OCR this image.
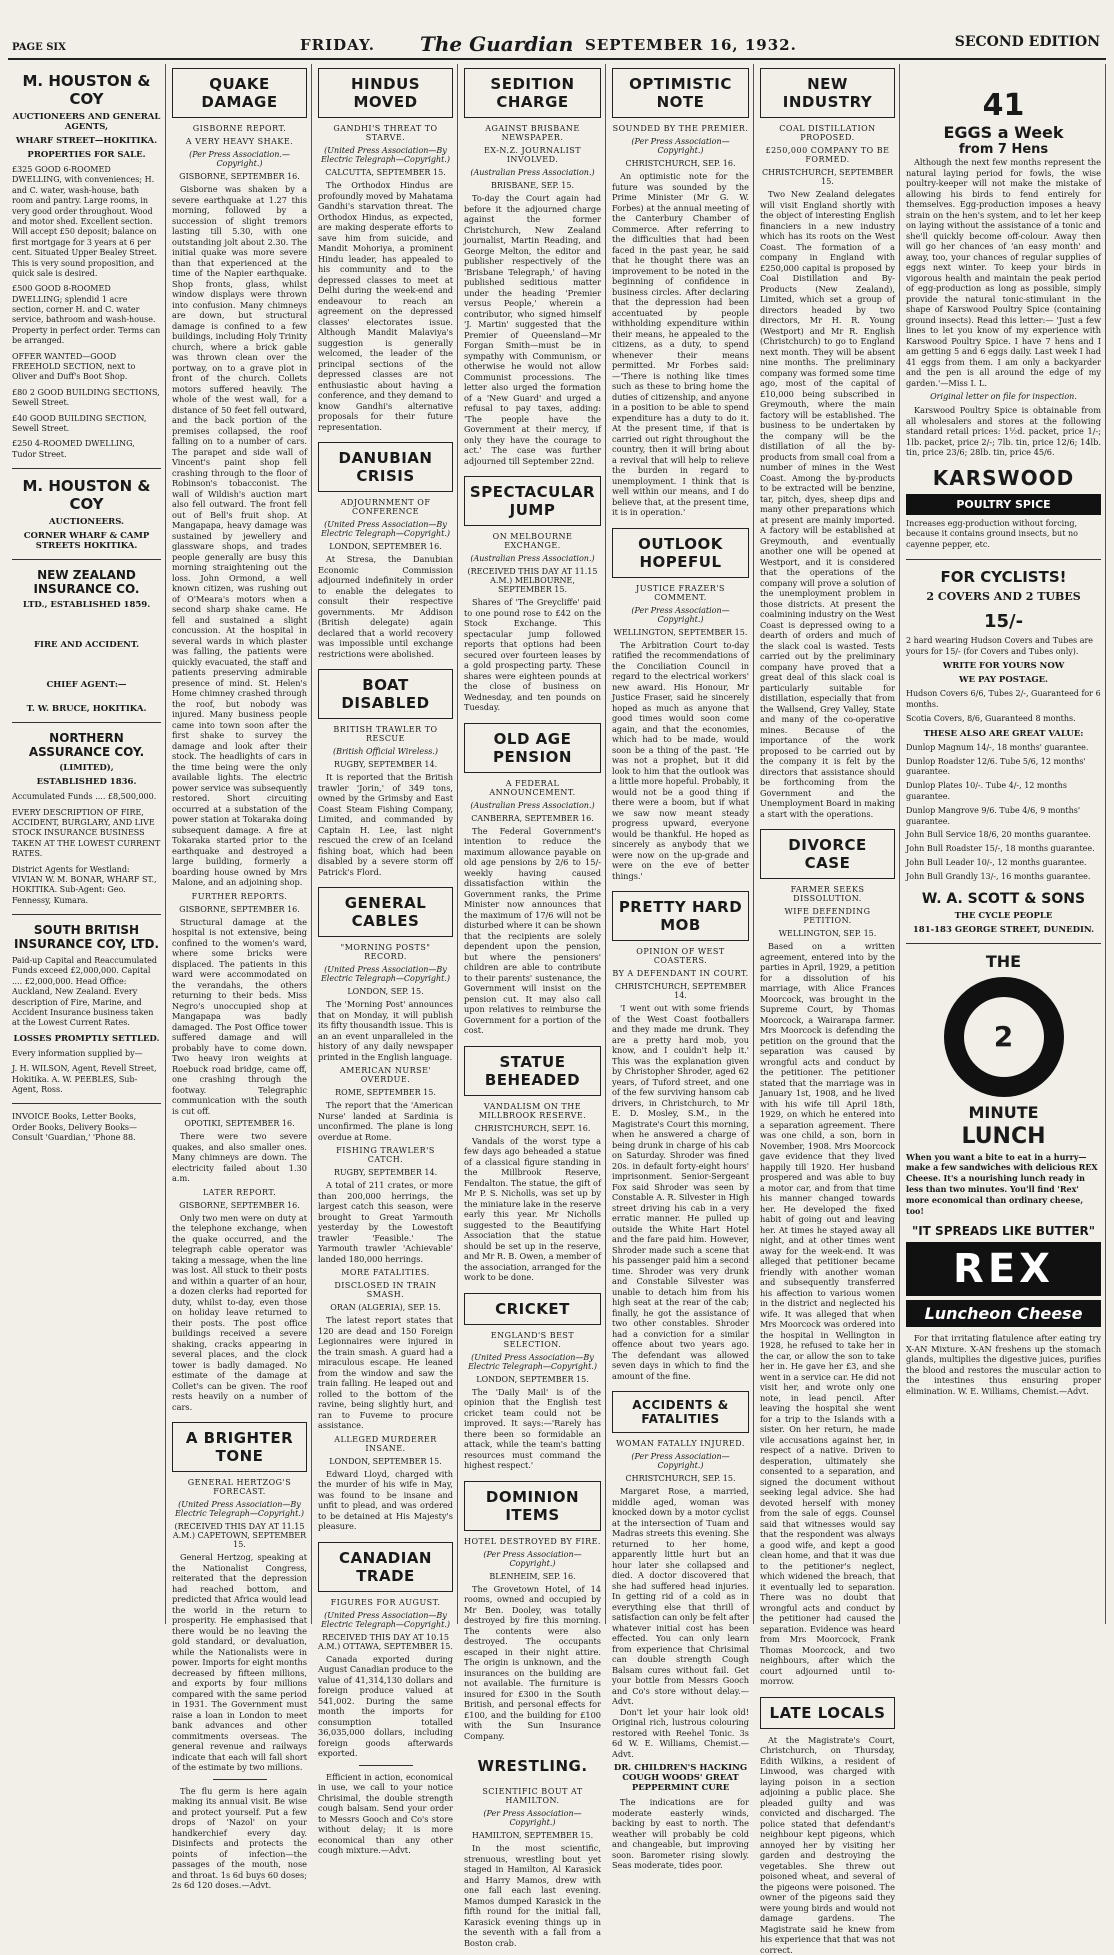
PAGE SIX	FRIDAY. The Guardian SEPTEMBER 16, 1932.	SECOND EDITION
M. HOUSTON & COY
AUCTIONEERS AND GENERAL AGENTS,
WHARF STREET—HOKITIKA.
PROPERTIES FOR SALE.
£325 GOOD 6-ROOMED DWELLING, with conveniences; H. and C. water, wash-house, bath room and pantry. Large rooms, in very good order throughout. Wood and motor shed. Excellent section. Will accept £50 deposit; balance on first mortgage for 3 years at 6 per cent. Situated Upper Bealey Street. This is very sound proposition, and quick sale is desired.
£500 GOOD 8-ROOMED DWELLING; splendid 1 acre section, corner H. and C. water service, bathroom and wash-house. Property in perfect order. Terms can be arranged.
OFFER WANTED—GOOD FREEHOLD SECTION, next to Oliver and Duff's Boot Shop.
£80 2 GOOD BUILDING SECTIONS, Sewell Street.
£40 GOOD BUILDING SECTION, Sewell Street.
£250 4-ROOMED DWELLING, Tudor Street.
M. HOUSTON & COY
AUCTIONEERS.
CORNER WHARF & CAMP STREETS HOKITIKA.
NEW ZEALAND INSURANCE CO.
LTD., ESTABLISHED 1859.
FIRE AND ACCIDENT.
CHIEF AGENT:—
T. W. BRUCE, HOKITIKA.
NORTHERN ASSURANCE COY.
(LIMITED),
ESTABLISHED 1836.
Accumulated Funds .... £8,500,000.
EVERY DESCRIPTION OF FIRE, ACCIDENT, BURGLARY, AND LIVE STOCK INSURANCE BUSINESS TAKEN AT THE LOWEST CURRENT RATES.
District Agents for Westland: VIVIAN W. M. BONAR, WHARF ST., HOKITIKA. Sub-Agent: Geo. Fennessy, Kumara.
SOUTH BRITISH INSURANCE COY, LTD.
Paid-up Capital and Reaccumulated Funds exceed £2,000,000. Capital .... £2,000,000. Head Office: Auckland, New Zealand. Every description of Fire, Marine, and Accident Insurance business taken at the Lowest Current Rates.
LOSSES PROMPTLY SETTLED.
Every information supplied by—
J. H. WILSON, Agent, Revell Street, Hokitika. A. W. PEEBLES, Sub-Agent, Ross.
INVOICE Books, Letter Books, Order Books, Delivery Books—Consult 'Guardian,' 'Phone 88.
QUAKE DAMAGE
GISBORNE REPORT.
A VERY HEAVY SHAKE.
(Per Press Association.—Copyright.)
GISBORNE, SEPTEMBER 16.

Gisborne was shaken by a severe earthquake at 1.27 this morning, followed by a succession of slight tremors lasting till 5.30, with one outstanding jolt about 2.30. The initial quake was more severe than that experienced at the time of the Napier earthquake. Shop fronts, glass, whilst window displays were thrown into confusion. Many chimneys are down, but structural damage is confined to a few buildings, including Holy Trinity church, where a brick gable was thrown clean over the portway, on to a grave plot in front of the church. Collets motors suffered heavily. The whole of the west wall, for a distance of 50 feet fell outward, and the back portion of the premises collapsed, the roof falling on to a number of cars. The parapet and side wall of Vincent's paint shop fell crashing through to the floor of Robinson's tobacconist. The wall of Wildish's auction mart also fell outward. The front fell out of Bell's fruit shop. At Mangapapa, heavy damage was sustained by jewellery and glassware shops, and trades people generally are busy this morning straightening out the loss. John Ormond, a well known citizen, was rushing out of O'Meara's motors when a second sharp shake came. He fell and sustained a slight concussion. At the hospital in several wards in which plaster was falling, the patients were quickly evacuated, the staff and patients preserving admirable presence of mind. St. Helen's Home chimney crashed through the roof, but nobody was injured. Many business people came into town soon after the first shake to survey the damage and look after their stock. The headlights of cars in the time being were the only available lights. The electric power service was subsequently restored. Short circuiting occurred at a substation of the power station at Tokaraka doing subsequent damage. A fire at Tokaraka started prior to the earthquake and destroyed a large building, formerly a boarding house owned by Mrs Malone, and an adjoining shop.

FURTHER REPORTS.
GISBORNE, SEPTEMBER 16.

Structural damage at the hospital is not extensive, being confined to the women's ward, where some bricks were displaced. The patients in this ward were accommodated on the verandahs, the others returning to their beds. Miss Negro's unoccupied shop at Mangapapa was badly damaged. The Post Office tower suffered damage and will probably have to come down. Two heavy iron weights at Roebuck road bridge, came off, one crashing through the footway. Telegraphic communication with the south is cut off.

OPOTIKI, SEPTEMBER 16.

There were two severe quakes, and also smaller ones. Many chimneys are down. The electricity failed about 1.30 a.m.

LATER REPORT.
GISBORNE, SEPTEMBER 16.

Only two men were on duty at the telephone exchange, when the quake occurred, and the telegraph cable operator was taking a message, when the line was lost. All stuck to their posts and within a quarter of an hour, a dozen clerks had reported for duty, whilst to-day, even those on holiday leave returned to their posts. The post office buildings received a severe shaking, cracks appearing in several places, and the clock tower is badly damaged. No estimate of the damage at Collet's can be given. The roof rests heavily on a number of cars.

A BRIGHTER TONE
GENERAL HERTZOG'S FORECAST.
(United Press Association—By Electric Telegraph—Copyright.)
(RECEIVED THIS DAY AT 11.15 A.M.) CAPETOWN, SEPTEMBER 15.

General Hertzog, speaking at the Nationalist Congress, reiterated that the depression had reached bottom, and predicted that Africa would lead the world in the return to prosperity. He emphasised that there would be no leaving the gold standard, or devaluation, while the Nationalists were in power. Imports for eight months decreased by fifteen millions, and exports by four millions compared with the same period in 1931. The Government must raise a loan in London to meet bank advances and other commitments overseas. The general revenue and railways indicate that each will fall short of the estimate by two millions.

The flu germ is here again making its annual visit. Be wise and protect yourself. Put a few drops of 'Nazol' on your handkerchief every day. Disinfects and protects the points of infection—the passages of the mouth, nose and throat. 1s 6d buys 60 doses; 2s 6d 120 doses.—Advt.

HINDUS MOVED
GANDHI'S THREAT TO STARVE.
(United Press Association—By Electric Telegraph—Copyright.)
CALCUTTA, SEPTEMBER 15.

The Orthodox Hindus are profoundly moved by Mahatama Gandhi's starvation threat. The Orthodox Hindus, as expected, are making desperate efforts to save him from suicide, and Mandit Mohoriya, a prominent Hindu leader, has appealed to his community and to the depressed classes to meet at Delhi during the week-end and endeavour to reach an agreement on the depressed classes' electorates issue. Although Mandit Malaviya's suggestion is generally welcomed, the leader of the principal sections of the depressed classes are not enthusiastic about having a conference, and they demand to know Gandhi's alternative proposals for their future representation.

DANUBIAN CRISIS
ADJOURNMENT OF CONFERENCE
(United Press Association—By Electric Telegraph—Copyright.)
LONDON, SEPTEMBER 16.

At Stresa, the Danubian Economic Commission adjourned indefinitely in order to enable the delegates to consult their respective governments. Mr Addison (British delegate) again declared that a world recovery was impossible until exchange restrictions were abolished.

BOAT DISABLED
BRITISH TRAWLER TO RESCUE
(British Official Wireless.)
RUGBY, SEPTEMBER 14.

It is reported that the British trawler 'Jorin,' of 349 tons, owned by the Grimsby and East Coast Steam Fishing Company, Limited, and commanded by Captain H. Lee, last night rescued the crew of an Iceland fishing boat, which had been disabled by a severe storm off Patrick's Flord.

GENERAL CABLES
"MORNING POSTS" RECORD.
(United Press Association—By Electric Telegraph—Copyright.)
LONDON, SEP. 15.

The 'Morning Post' announces that on Monday, it will publish its fifty thousandth issue. This is an an event unparalleled in the history of any daily newspaper printed in the English language.

AMERICAN NURSE' OVERDUE.
ROME, SEPTEMBER 15.

The report that the 'American Nurse' landed at Sardinia is unconfirmed. The plane is long overdue at Rome.

FISHING TRAWLER'S CATCH.
RUGBY, SEPTEMBER 14.

A total of 211 crates, or more than 200,000 herrings, the largest catch this season, were brought to Great Yarmouth yesterday by the Lowestoft trawler 'Feasible.' The Yarmouth trawler 'Achievable' landed 180,000 herrings.

MORE FATALITIES.
DISCLOSED IN TRAIN SMASH.
ORAN (ALGERIA), SEP. 15.

The latest report states that 120 are dead and 150 Foreign Legionnaires were injured in the train smash. A guard had a miraculous escape. He leaned from the window and saw the train falling. He leaped out and rolled to the bottom of the ravine, being slightly hurt, and ran to Fuveme to procure assistance.

ALLEGED MURDERER INSANE.
LONDON, SEPTEMBER 15.

Edward Lloyd, charged with the murder of his wife in May, was found to be insane and unfit to plead, and was ordered to be detained at His Majesty's pleasure.

CANADIAN TRADE
FIGURES FOR AUGUST.
(United Press Association—By Electric Telegraph—Copyright.)
RECEIVED THIS DAY AT 10.15 A.M.) OTTAWA, SEPTEMBER 15.

Canada exported during August Canadian produce to the value of 41,314,130 dollars and foreign produce valued at 541,002. During the same month the imports for consumption totalled 36,035,000 dollars, including foreign goods afterwards exported.

Efficient in action, economical in use, we call to your notice Chrisimal, the double strength cough balsam. Send your order to Messrs Gooch and Co's store without delay; it is more economical than any other cough mixture.—Advt.

SEDITION CHARGE
AGAINST BRISBANE NEWSPAPER.
EX-N.Z. JOURNALIST INVOLVED.
(Australian Press Association.)
BRISBANE, SEP. 15.

To-day the Court again had before it the adjourned charge against the former Christchurch, New Zealand journalist, Martin Reading, and George Melton, the editor and publisher respectively of the 'Brisbane Telegraph,' of having published seditious matter under the heading 'Premier versus People,' wherein a contributor, who signed himself 'J. Martin' suggested that the Premier of Queensland—Mr Forgan Smith—must be in sympathy with Communism, or otherwise he would not allow Communist processions. The letter also urged the formation of a 'New Guard' and urged a refusal to pay taxes, adding: 'The people have the Government at their mercy, if only they have the courage to act.' The case was further adjourned till September 22nd.

SPECTACULAR JUMP
ON MELBOURNE EXCHANGE.
(Australian Press Association.)
(RECEIVED THIS DAY AT 11.15 A.M.) MELBOURNE, SEPTEMBER 15.

Shares of 'The Greycliffe' paid to one pound rose to £42 on the Stock Exchange. This spectacular jump followed reports that options had been secured over fourteen leases by a gold prospecting party. These shares were eighteen pounds at the close of business on Wednesday, and ten pounds on Tuesday.

OLD AGE PENSION
A FEDERAL ANNOUNCEMENT.
(Australian Press Association.)
CANBERRA, SEPTEMBER 16.

The Federal Government's intention to reduce the maximum allowance payable on old age pensions by 2/6 to 15/- weekly having caused dissatisfaction within the Government ranks, the Prime Minister now announces that the maximum of 17/6 will not be disturbed where it can be shown that the recipients are solely dependent upon the pension, but where the pensioners' children are able to contribute to their parents' sustenance, the Government will insist on the pension cut. It may also call upon relatives to reimburse the Government for a portion of the cost.

STATUE BEHEADED
VANDALISM ON THE MILLBROOK RESERVE.
CHRISTCHURCH, SEPT. 16.

Vandals of the worst type a few days ago beheaded a statue of a classical figure standing in the Millbrook Reserve, Fendalton. The statue, the gift of Mr P. S. Nicholls, was set up by the miniature lake in the reserve early this year. Mr Nicholls suggested to the Beautifying Association that the statue should be set up in the reserve, and Mr R. B. Owen, a member of the association, arranged for the work to be done.

CRICKET
ENGLAND'S BEST SELECTION.
(United Press Association—By Electric Telegraph—Copyright.)
LONDON, SEPTEMBER 15.

The 'Daily Mail' is of the opinion that the English test cricket team could not be improved. It says:—'Rarely has there been so formidable an attack, while the team's batting resources must command the highest respect.'

DOMINION ITEMS
HOTEL DESTROYED BY FIRE.
(Per Press Association—Copyright.)
BLENHEIM, SEP. 16.

The Grovetown Hotel, of 14 rooms, owned and occupied by Mr Ben. Dooley, was totally destroyed by fire this morning. The contents were also destroyed. The occupants escaped in their night attire. The origin is unknown, and the insurances on the building are not available. The furniture is insured for £300 in the South British, and personal effects for £100, and the building for £100 with the Sun Insurance Company.

WRESTLING.
SCIENTIFIC BOUT AT HAMILTON.
(Per Press Association—Copyright.)
HAMILTON, SEPTEMBER 15.

In the most scientific, strenuous, wrestling bout yet staged in Hamilton, Al Karasick and Harry Mamos, drew with one fall each last evening. Mamos dumped Karasick in the fifth round for the initial fall, Karasick evening things up in the seventh with a fall from a Boston crab.

OPTIMISTIC NOTE
SOUNDED BY THE PREMIER.
(Per Press Association— Copyright.)
CHRISTCHURCH, SEP. 16.

An optimistic note for the future was sounded by the Prime Minister (Mr G. W. Forbes) at the annual meeting of the Canterbury Chamber of Commerce. After referring to the difficulties that had been faced in the past year, he said that he thought there was an improvement to be noted in the beginning of confidence in business circles. After declaring that the depression had been accentuated by people withholding expenditure within their means, he appealed to the citizens, as a duty, to spend whenever their means permitted. Mr Forbes said:—'There is nothing like times such as these to bring home the duties of citizenship, and anyone in a position to be able to spend expenditure has a duty to do it. At the present time, if that is carried out right throughout the country, then it will bring about a revival that will help to relieve the burden in regard to unemployment. I think that is well within our means, and I do believe that, at the present time, it is in operation.'

OUTLOOK HOPEFUL
JUSTICE FRAZER'S COMMENT.
(Per Press Association—Copyright.)
WELLINGTON, SEPTEMBER 15.

The Arbitration Court to-day ratified the recommendations of the Conciliation Council in regard to the electrical workers' new award. His Honour, Mr Justice Fraser, said he sincerely hoped as much as anyone that good times would soon come again, and that the economies, which had to be made, would soon be a thing of the past. 'He was not a prophet, but it did look to him that the outlook was a little more hopeful. Probably, it would not be a good thing if there were a boom, but if what we saw now meant steady progress upward, everyone would be thankful. He hoped as sincerely as anybody that we were now on the up-grade and were on the eve of better things.'

PRETTY HARD MOB
OPINION OF WEST COASTERS.
BY A DEFENDANT IN COURT.
CHRISTCHURCH, SEPTEMBER 14.

'I went out with some friends of the West Coast footballers and they made me drunk. They are a pretty hard mob, you know, and I couldn't help it.' This was the explanation given by Christopher Shroder, aged 62 years, of Tuford street, and one of the few surviving hansom cab drivers, in Christchurch, to Mr E. D. Mosley, S.M., in the Magistrate's Court this morning, when he answered a charge of being drunk in charge of his cab on Saturday. Shroder was fined 20s. in default forty-eight hours' imprisonment. Senior-Sergeant Fox said Shroder was seen by Constable A. R. Silvester in High street driving his cab in a very erratic manner. He pulled up outside the White Hart Hotel and the fare paid him. However, Shroder made such a scene that his passenger paid him a second time. Shroder was very drunk and Constable Silvester was unable to detach him from his high seat at the rear of the cab; finally, he got the assistance of two other constables. Shroder had a conviction for a similar offence about two years ago. The defendant was allowed seven days in which to find the amount of the fine.

ACCIDENTS & FATALITIES
WOMAN FATALLY INJURED.
(Per Press Association—Copyright.)
CHRISTCHURCH, SEP. 15.

Margaret Rose, a married, middle aged, woman was knocked down by a motor cyclist at the intersection of Tuam and Madras streets this evening. She returned to her home, apparently little hurt but an hour later she collapsed and died. A doctor discovered that she had suffered head injuries. In getting rid of a cold as in everything else that thrill of satisfaction can only be felt after whatever initial cost has been effected. You can only learn from experience that Chrisimal can double strength Cough Balsam cures without fail. Get your bottle from Messrs Gooch and Co's store without delay.—Advt.

Don't let your hair look old! Original rich, lustrous colouring restored with Reehel Tonic. 3s 6d W. E. Williams, Chemist.—Advt.

DR. CHILDREN'S HACKING COUGH WOODS' GREAT PEPPERMINT CURE

The indications are for moderate easterly winds, backing by east to north. The weather will probably be cold and changeable, but improving soon. Barometer rising slowly. Seas moderate, tides poor.

NEW INDUSTRY
COAL DISTILLATION PROPOSED.
£250,000 COMPANY TO BE FORMED.
CHRISTCHURCH, SEPTEMBER 15.

Two New Zealand delegates will visit England shortly with the object of interesting English financiers in a new industry which has its roots on the West Coast. The formation of a company in England with £250,000 capital is proposed by Coal Distillation and By-Products (New Zealand), Limited, which set a group of directors headed by two directors, Mr H. R. Young (Westport) and Mr R. English (Christchurch) to go to England next month. They will be absent nine months. The preliminary company was formed some time ago, most of the capital of £10,000 being subscribed in Greymouth, where the main factory will be established. The business to be undertaken by the company will be the distillation of all the by-products from small coal from a number of mines in the West Coast. Among the by-products to be extracted will be benzine, tar, pitch, dyes, sheep dips and many other preparations which at present are mainly imported. A factory will be established at Greymouth, and eventually another one will be opened at Westport, and it is considered that the operations of the company will prove a solution of the unemployment problem in those districts. At present the coalmining industry on the West Coast is depressed owing to a dearth of orders and much of the slack coal is wasted. Tests carried out by the preliminary company have proved that a great deal of this slack coal is particularly suitable for distillation, especially that from the Wallsend, Grey Valley, State and many of the co-operative mines. Because of the importance of the work proposed to be carried out by the company it is felt by the directors that assistance should be forthcoming from the Government and the Unemployment Board in making a start with the operations.

DIVORCE CASE
FARMER SEEKS DISSOLUTION.
WIFE DEFENDING PETITION.
WELLINGTON, SEP. 15.

Based on a written agreement, entered into by the parties in April, 1929, a petition for a dissolution of his marriage, with Alice Frances Moorcock, was brought in the Supreme Court, by Thomas Moorcock, a Wairarapa farmer. Mrs Moorcock is defending the petition on the ground that the separation was caused by wrongful acts and conduct by the petitioner. The petitioner stated that the marriage was in January 1st, 1908, and he lived with his wife till April 18th, 1929, on which he entered into a separation agreement. There was one child, a son, born in November, 1908. Mrs Moorcock gave evidence that they lived happily till 1920. Her husband prospered and was able to buy a motor car, and from that time his manner changed towards her. He developed the fixed habit of going out and leaving her. At times he stayed away all night, and at other times went away for the week-end. It was alleged that petitioner became friendly with another woman and subsequently transferred his affection to various women in the district and neglected his wife. It was alleged that when Mrs Moorcock was ordered into the hospital in Wellington in 1928, he refused to take her in the car, or allow the son to take her in. He gave her £3, and she went in a service car. He did not visit her, and wrote only one note, in lead pencil. After leaving the hospital she went for a trip to the Islands with a sister. On her return, he made vile accusations against her, in respect of a native. Driven to desperation, ultimately she consented to a separation, and signed the document without seeking legal advice. She had devoted herself with money from the sale of eggs. Counsel said that witnesses would say that the respondent was always a good wife, and kept a good clean home, and that it was due to the petitioner's neglect, which widened the breach, that it eventually led to separation. There was no doubt that wrongful acts and conduct by the petitioner had caused the separation. Evidence was heard from Mrs Moorcock, Frank Thomas Moorcock, and two neighbours, after which the court adjourned until to-morrow.

LATE LOCALS

At the Magistrate's Court, Christchurch, on Thursday, Edith Wilkins, a resident of Linwood, was charged with laying poison in a section adjoining a public place. She pleaded guilty and was convicted and discharged. The police stated that defendant's neighbour kept pigeons, which annoyed her by visiting her garden and destroying the vegetables. She threw out poisoned wheat, and several of the pigeons were poisoned. The owner of the pigeons said they were young birds and would not damage gardens. The Magistrate said he knew from his experience that that was not correct.

41
EGGS a Week
from 7 Hens

Although the next few months represent the natural laying period for fowls, the wise poultry-keeper will not make the mistake of allowing his birds to fend entirely for themselves. Egg-production imposes a heavy strain on the hen's system, and to let her keep on laying without the assistance of a tonic and she'll quickly become off-colour. Away then will go her chances of 'an easy month' and away, too, your chances of regular supplies of eggs next winter. To keep your birds in vigorous health and maintain the peak period of egg-production as long as possible, simply provide the natural tonic-stimulant in the shape of Karswood Poultry Spice (containing ground insects). Read this letter:— 'Just a few lines to let you know of my experience with Karswood Poultry Spice. I have 7 hens and I am getting 5 and 6 eggs daily. Last week I had 41 eggs from them. I am only a backyarder and the pen is all around the edge of my garden.'—Miss I. L.

Original letter on file for inspection.

Karswood Poultry Spice is obtainable from all wholesalers and stores at the following standard retail prices: 1½d. packet, price 1/-; 1lb. packet, price 2/-; 7lb. tin, price 12/6; 14lb. tin, price 23/6; 28lb. tin, price 45/6.

KARSWOOD
POULTRY SPICE
Increases egg-production without forcing, because it contains ground insects, but no cayenne pepper, etc.
FOR CYCLISTS!
2 COVERS AND 2 TUBES
15/-
2 hard wearing Hudson Covers and Tubes are yours for 15/- (for Covers and Tubes only).
WRITE FOR YOURS NOW
WE PAY POSTAGE.
Hudson Covers 6/6, Tubes 2/-, Guaranteed for 6 months.
Scotia Covers, 8/6, Guaranteed 8 months.
THESE ALSO ARE GREAT VALUE:
Dunlop Magnum 14/-, 18 months' guarantee.
Dunlop Roadster 12/6. Tube 5/6, 12 months' guarantee.
Dunlop Plates 10/-. Tube 4/-, 12 months guarantee.
Dunlop Mangrove 9/6. Tube 4/6, 9 months' guarantee.
John Bull Service 18/6, 20 months guarantee.
John Bull Roadster 15/-, 18 months guarantee.
John Bull Leader 10/-, 12 months guarantee.
John Bull Grandly 13/-, 16 months guarantee.
W. A. SCOTT & SONS
THE CYCLE PEOPLE
181-183 GEORGE STREET, DUNEDIN.
THE
2
MINUTE
LUNCH
When you want a bite to eat in a hurry—make a few sandwiches with delicious REX Cheese. It's a nourishing lunch ready in less than two minutes. You'll find 'Rex' more economical than ordinary cheese, too!
"IT SPREADS LIKE BUTTER"
REX
Luncheon Cheese

For that irritating flatulence after eating try X-AN Mixture. X-AN freshens up the stomach glands, multiplies the digestive juices, purifies the blood and restores the muscular action to the intestines thus ensuring proper elimination. W. E. Williams, Chemist.—Advt.
